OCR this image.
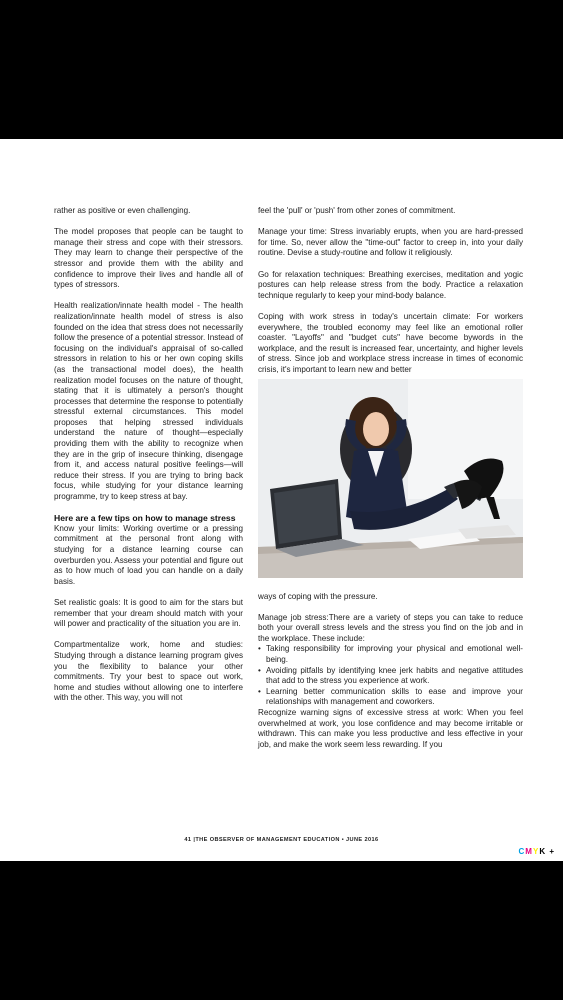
rather as positive or even challenging.

The model proposes that people can be taught to manage their stress and cope with their stressors. They may learn to change their perspective of the stressor and provide them with the ability and confidence to improve their lives and handle all of types of stressors.

Health realization/innate health model - The health realization/innate health model of stress is also founded on the idea that stress does not necessarily follow the presence of a potential stressor. Instead of focusing on the individual's appraisal of so-called stressors in relation to his or her own coping skills (as the transactional model does), the health realization model focuses on the nature of thought, stating that it is ultimately a person's thought processes that determine the response to potentially stressful external circumstances. This model proposes that helping stressed individuals understand the nature of thought—especially providing them with the ability to recognize when they are in the grip of insecure thinking, disengage from it, and access natural positive feelings—will reduce their stress. If you are trying to bring back focus, while studying for your distance learning programme, try to keep stress at bay.

Here are a few tips on how to manage stress

Know your limits: Working overtime or a pressing commitment at the personal front along with studying for a distance learning course can overburden you. Assess your potential and figure out as to how much of load you can handle on a daily basis.

Set realistic goals: It is good to aim for the stars but remember that your dream should match with your will power and practicality of the situation you are in.

Compartmentalize work, home and studies: Studying through a distance learning program gives you the flexibility to balance your other commitments. Try your best to space out work, home and studies without allowing one to interfere with the other. This way, you will not

feel the 'pull' or 'push' from other zones of commitment.

Manage your time: Stress invariably erupts, when you are hard-pressed for time. So, never allow the "time-out" factor to creep in, into your daily routine. Devise a study-routine and follow it religiously.

Go for relaxation techniques: Breathing exercises, meditation and yogic postures can help release stress from the body. Practice a relaxation technique regularly to keep your mind-body balance.

Coping with work stress in today's uncertain climate: For workers everywhere, the troubled economy may feel like an emotional roller coaster. "Layoffs" and "budget cuts" have become bywords in the workplace, and the result is increased fear, uncertainty, and higher levels of stress. Since job and workplace stress increase in times of economic crisis, it's important to learn new and better

ways of coping with the pressure.

Manage job stress:There are a variety of steps you can take to reduce both your overall stress levels and the stress you find on the job and in the workplace. These include:

• Taking responsibility for improving your physical and emotional well-being.
• Avoiding pitfalls by identifying knee jerk habits and negative attitudes that add to the stress you experience at work.
• Learning better communication skills to ease and improve your relationships with management and coworkers.

Recognize warning signs of excessive stress at work: When you feel overwhelmed at work, you lose confidence and may become irritable or withdrawn. This can make you less productive and less effective in your job, and make the work seem less rewarding. If you

41 |THE OBSERVER OF MANAGEMENT EDUCATION • JUNE 2016
CMYK +
